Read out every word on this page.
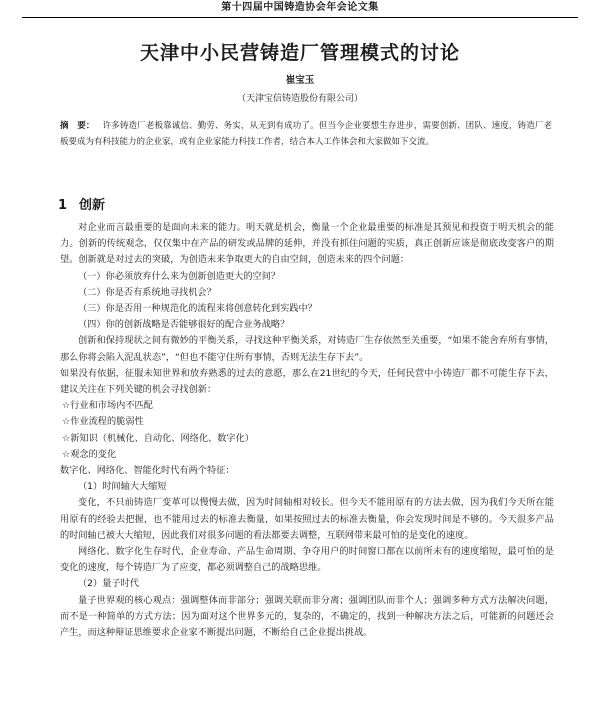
第十四届中国铸造协会年会论文集
天津中小民营铸造厂管理模式的讨论
崔宝玉
（天津宝信铸造股份有限公司）
摘　要： 许多铸造厂老板靠诚信、勤劳、务实，从无到有成功了。但当今企业要想生存进步，需要创新、团队、速度，铸造厂老板要成为有科技能力的企业家，或有企业家能力科技工作者，结合本人工作体会和大家做如下交流。
1 创新

对企业而言最重要的是面向未来的能力。明天就是机会，衡量一个企业最重要的标准是其预见和投资于明天机会的能力。创新的传统观念，仅仅集中在产品的研发或品牌的延伸，并没有抓住问题的实质，真正创新应该是彻底改变客户的期望。创新就是对过去的突破，为创造未来争取更大的自由空间，创造未来的四个问题：

（一）你必须放弃什么来为创新创造更大的空间？

（二）你是否有系统地寻找机会？

（三）你是否用一种规范化的流程来将创意转化到实践中？

（四）你的创新战略是否能够很好的配合业务战略？

创新和保持现状之间有微妙的平衡关系，寻找这种平衡关系，对铸造厂生存依然至关重要，“如果不能舍弃所有事情，那么你将会陷入泥乱状态”，“但也不能守住所有事情，否则无法生存下去”。

如果没有依据，征服未知世界和放弃熟悉的过去的意愿，那么在21世纪的今天，任何民营中小铸造厂都不可能生存下去，建议关注在下列关键的机会寻找创新：

☆行业和市场内不匹配

☆作业流程的脆弱性

☆新知识（机械化、自动化、网络化、数字化）

☆观念的变化

数字化、网络化、智能化时代有两个特征：

（1）时间轴大大缩短

变化，不只前铸造厂变革可以慢慢去做，因为时间轴相对较长。但今天不能用原有的方法去做，因为我们今天所在能用原有的经验去把握，也不能用过去的标准去衡量，如果按照过去的标准去衡量，你会发现时间是不够的。今天很多产品的时间轴已被大大缩短，因此我们对很多问题的看法都要去调整，互联网带来最可怕的是变化的速度。

网络化、数字化生存时代，企业寿命、产品生命周期、争夺用户的时间窗口都在以前所未有的速度缩短，最可怕的是变化的速度，每个铸造厂为了应变，都必须调整自己的战略思维。

（2）量子时代

量子世界观的核心观点：强调整体而非部分；强调关联而非分离；强调团队而非个人；强调多种方式方法解决问题，而不是一种简单的方式方法；因为面对这个世界多元的，复杂的，不确定的，找到一种解决方法之后，可能新的问题还会产生，而这种辩证思维要求企业家不断提出问题，不断给自己企业提出挑战。
